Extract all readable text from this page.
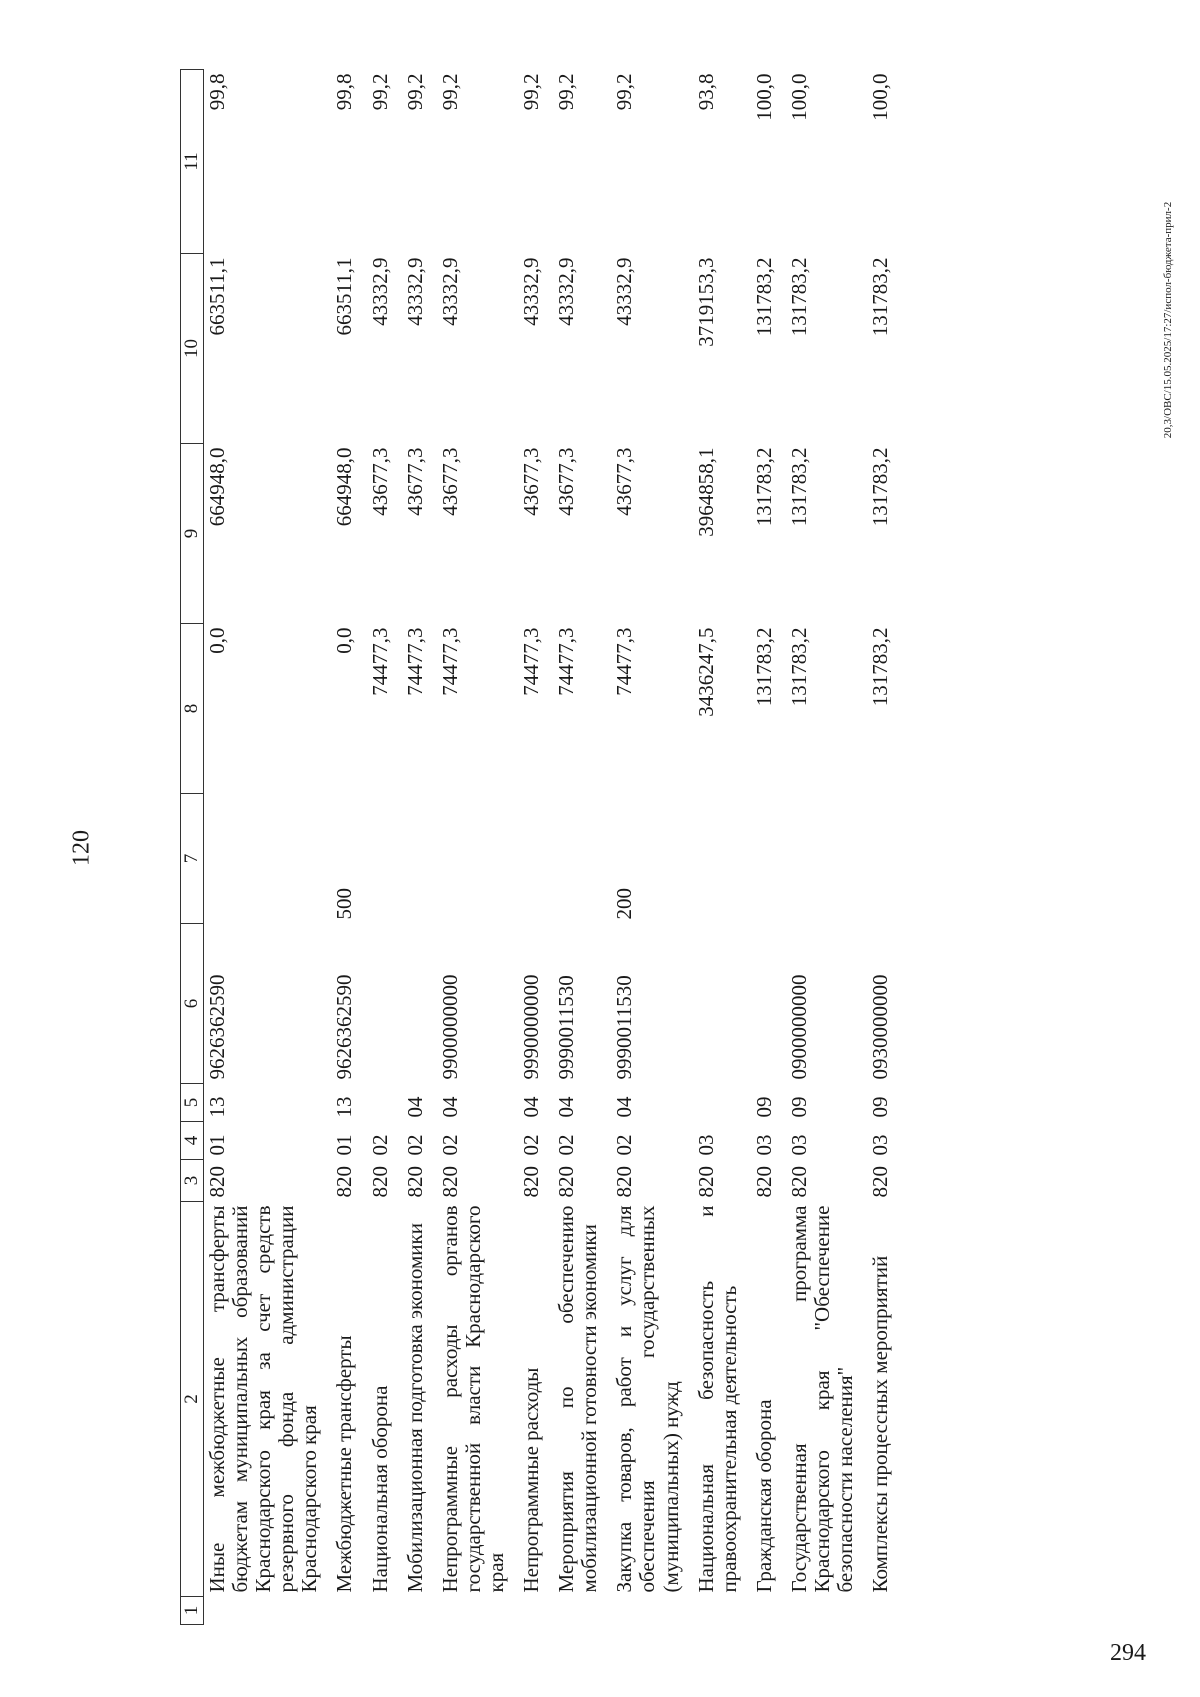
120
1	2	3	4	5	6	7	8	9	10	11
	Иные межбюджетные трансферты бюджетам муниципальных образований Краснодарского края за счет средств резервного фонда администрации Краснодарского края	820	01	13	9626362590		0,0	664948,0	663511,1	99,8
	Межбюджетные трансферты	820	01	13	9626362590	500	0,0	664948,0	663511,1	99,8
	Национальная оборона	820	02				74477,3	43677,3	43332,9	99,2
	Мобилизационная подготовка экономики	820	02	04			74477,3	43677,3	43332,9	99,2
	Непрограммные расходы органов государственной власти Краснодарского края	820	02	04	9900000000		74477,3	43677,3	43332,9	99,2
	Непрограммные расходы	820	02	04	9990000000		74477,3	43677,3	43332,9	99,2
	Мероприятия по обеспечению мобилизационной готовности экономики	820	02	04	9990011530		74477,3	43677,3	43332,9	99,2
	Закупка товаров, работ и услуг для обеспечения государственных (муниципальных) нужд	820	02	04	9990011530	200	74477,3	43677,3	43332,9	99,2
	Национальная безопасность и правоохранительная деятельность	820	03				3436247,5	3964858,1	3719153,3	93,8
	Гражданская оборона	820	03	09			131783,2	131783,2	131783,2	100,0
	Государственная программа Краснодарского края "Обеспечение безопасности населения"	820	03	09	0900000000		131783,2	131783,2	131783,2	100,0
	Комплексы процессных мероприятий	820	03	09	0930000000		131783,2	131783,2	131783,2	100,0
20,3/ОВС/15.05.2025/17:27/испол-бюджета-прил-2
294
